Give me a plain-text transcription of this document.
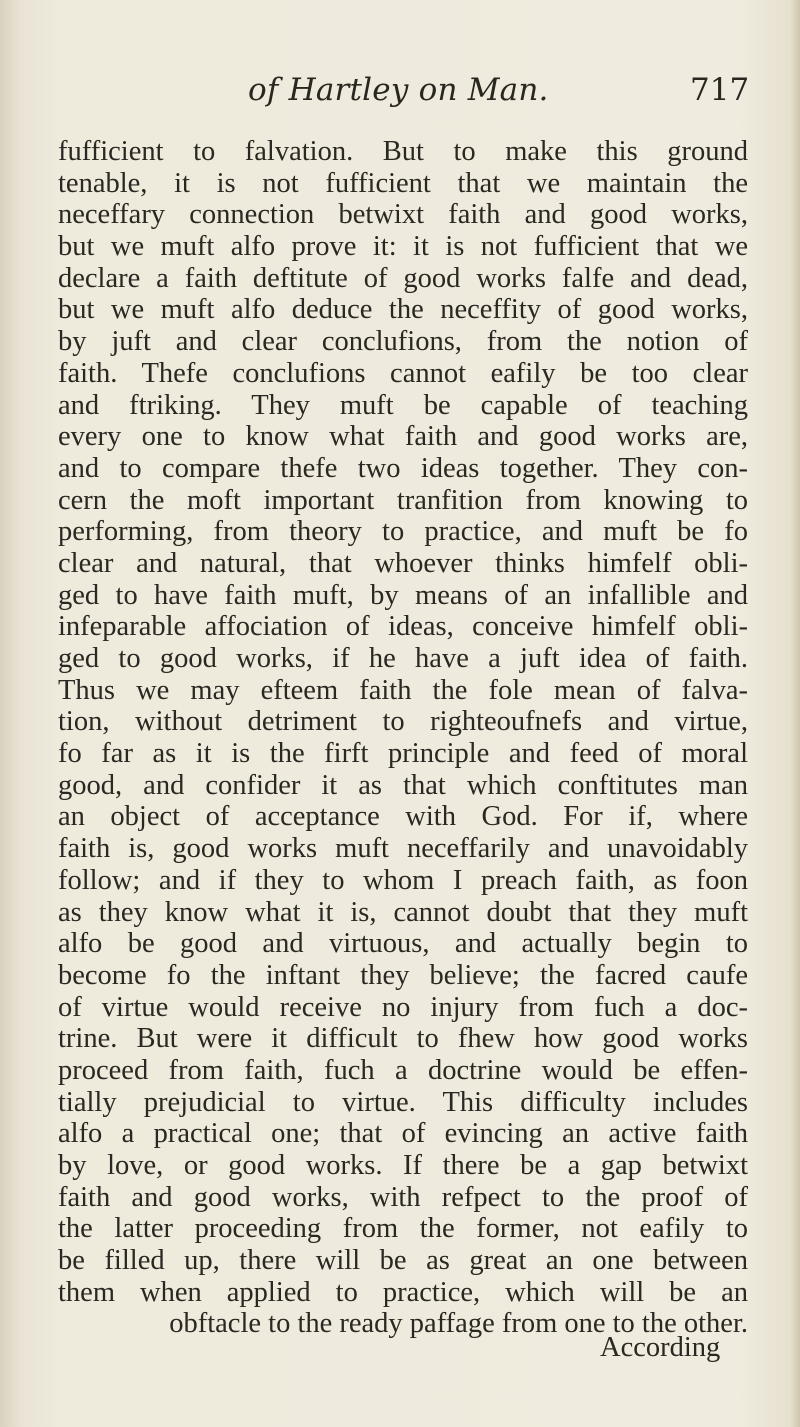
of Hartley on Man.	717
fufficient to falvation. But to make this ground
tenable, it is not fufficient that we maintain the
neceffary connection betwixt faith and good works,
but we muft alfo prove it: it is not fufficient that we
declare a faith deftitute of good works falfe and dead,
but we muft alfo deduce the neceffity of good works,
by juft and clear conclufions, from the notion of
faith. Thefe conclufions cannot eafily be too clear
and ftriking. They muft be capable of teaching
every one to know what faith and good works are,
and to compare thefe two ideas together. They con-
cern the moft important tranfition from knowing to
performing, from theory to practice, and muft be fo
clear and natural, that whoever thinks himfelf obli-
ged to have faith muft, by means of an infallible and
infeparable affociation of ideas, conceive himfelf obli-
ged to good works, if he have a juft idea of faith.
Thus we may efteem faith the fole mean of falva-
tion, without detriment to righteoufnefs and virtue,
fo far as it is the firft principle and feed of moral
good, and confider it as that which conftitutes man
an object of acceptance with God. For if, where
faith is, good works muft neceffarily and unavoidably
follow; and if they to whom I preach faith, as foon
as they know what it is, cannot doubt that they muft
alfo be good and virtuous, and actually begin to
become fo the inftant they believe; the facred caufe
of virtue would receive no injury from fuch a doc-
trine. But were it difficult to fhew how good works
proceed from faith, fuch a doctrine would be effen-
tially prejudicial to virtue. This difficulty includes
alfo a practical one; that of evincing an active faith
by love, or good works. If there be a gap betwixt
faith and good works, with refpect to the proof of
the latter proceeding from the former, not eafily to
be filled up, there will be as great an one between
them when applied to practice, which will be an
obftacle to the ready paffage from one to the other.
According
